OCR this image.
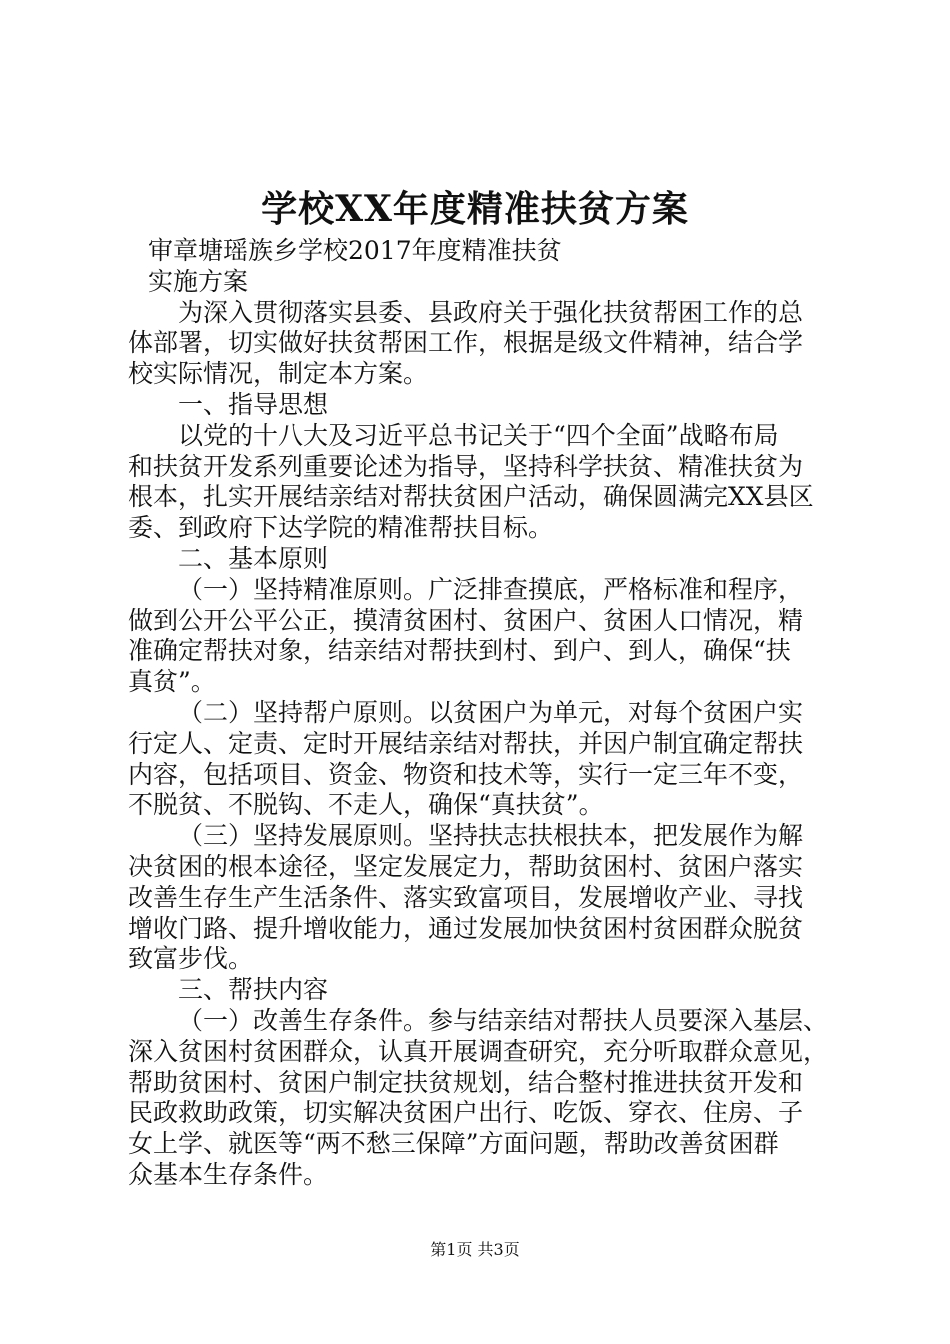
学校XX年度精准扶贫方案
审章塘瑶族乡学校2017年度精准扶贫
实施方案
为深入贯彻落实县委、县政府关于强化扶贫帮困工作的总
体部署，切实做好扶贫帮困工作，根据是级文件精神，结合学
校实际情况，制定本方案。
一、指导思想
以党的十八大及习近平总书记关于“四个全面”战略布局
和扶贫开发系列重要论述为指导，坚持科学扶贫、精准扶贫为
根本，扎实开展结亲结对帮扶贫困户活动，确保圆满完XX县区
委、到政府下达学院的精准帮扶目标。
二、基本原则
（一）坚持精准原则。广泛排查摸底，严格标准和程序，
做到公开公平公正，摸清贫困村、贫困户、贫困人口情况，精
准确定帮扶对象，结亲结对帮扶到村、到户、到人，确保“扶
真贫”。
（二）坚持帮户原则。以贫困户为单元，对每个贫困户实
行定人、定责、定时开展结亲结对帮扶，并因户制宜确定帮扶
内容，包括项目、资金、物资和技术等，实行一定三年不变，
不脱贫、不脱钩、不走人，确保“真扶贫”。
（三）坚持发展原则。坚持扶志扶根扶本，把发展作为解
决贫困的根本途径，坚定发展定力，帮助贫困村、贫困户落实
改善生存生产生活条件、落实致富项目，发展增收产业、寻找
增收门路、提升增收能力，通过发展加快贫困村贫困群众脱贫
致富步伐。
三、帮扶内容
（一）改善生存条件。参与结亲结对帮扶人员要深入基层、
深入贫困村贫困群众，认真开展调查研究，充分听取群众意见，
帮助贫困村、贫困户制定扶贫规划，结合整村推进扶贫开发和
民政救助政策，切实解决贫困户出行、吃饭、穿衣、住房、子
女上学、就医等“两不愁三保障”方面问题，帮助改善贫困群
众基本生存条件。
第1页 共3页
